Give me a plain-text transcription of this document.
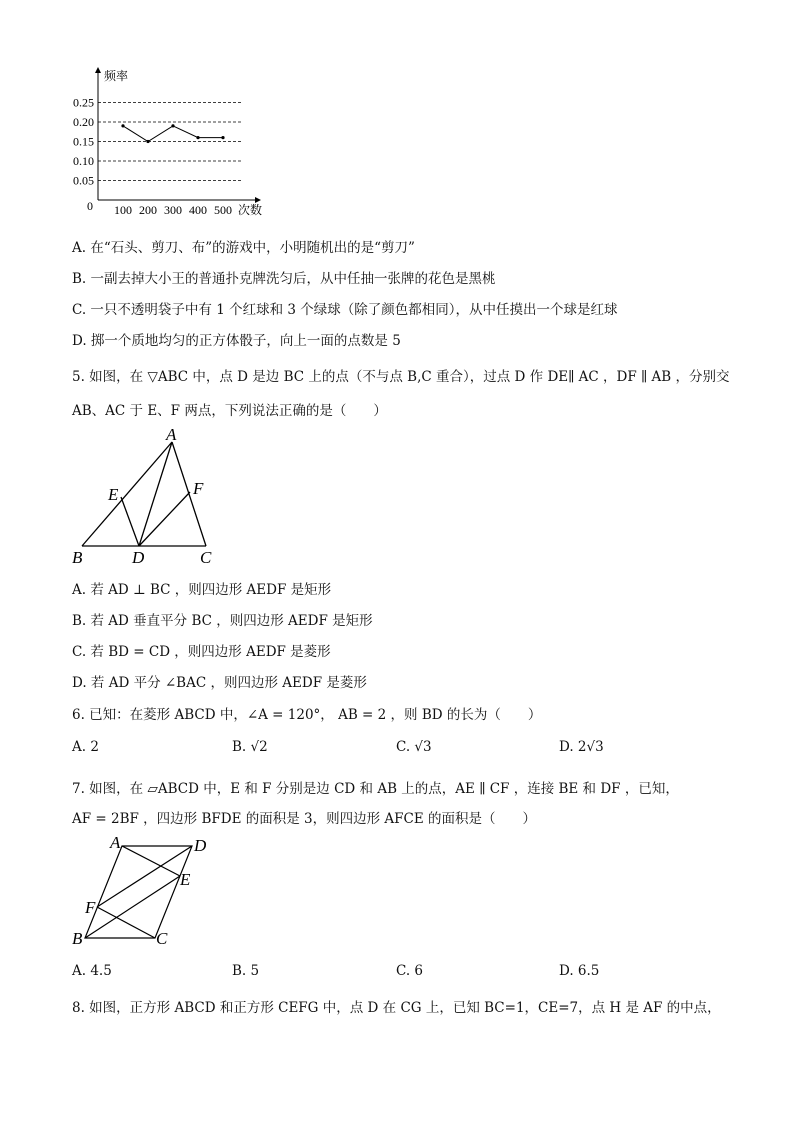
频率
次数
0
0.05
0.10
0.15
0.20
0.25
100 200 300 400 500
A. 在“石头、剪刀、布”的游戏中，小明随机出的是“剪刀”
B. 一副去掉大小王的普通扑克牌洗匀后，从中任抽一张牌的花色是黑桃
C. 一只不透明袋子中有 1 个红球和 3 个绿球（除了颜色都相同），从中任摸出一个球是红球
D. 掷一个质地均匀的正方体骰子，向上一面的点数是 5
5. 如图，在 ▽ABC 中，点 D 是边 BC 上的点（不与点 B,C 重合），过点 D 作 DE∥ AC ，DF ∥ AB ，分别交
AB、AC 于 E、F 两点，下列说法正确的是（　　）
A
E	F
B	D	C
A. 若 AD ⊥ BC ，则四边形 AEDF 是矩形
B. 若 AD 垂直平分 BC ，则四边形 AEDF 是矩形
C. 若 BD = CD ，则四边形 AEDF 是菱形
D. 若 AD 平分 ∠BAC ，则四边形 AEDF 是菱形
6. 已知：在菱形 ABCD 中，∠A = 120°， AB = 2 ，则 BD 的长为（　　）
A. 2	B. √2	C. √3	D. 2√3
7. 如图，在 ▱ABCD 中，E 和 F 分别是边 CD 和 AB 上的点，AE ∥ CF ，连接 BE 和 DF ，已知，
AF = 2BF ，四边形 BFDE 的面积是 3，则四边形 AFCE 的面积是（　　）
A	D
E
F
B	C
A. 4.5	B. 5	C. 6	D. 6.5
8. 如图，正方形 ABCD 和正方形 CEFG 中，点 D 在 CG 上，已知 BC=1，CE=7，点 H 是 AF 的中点，
